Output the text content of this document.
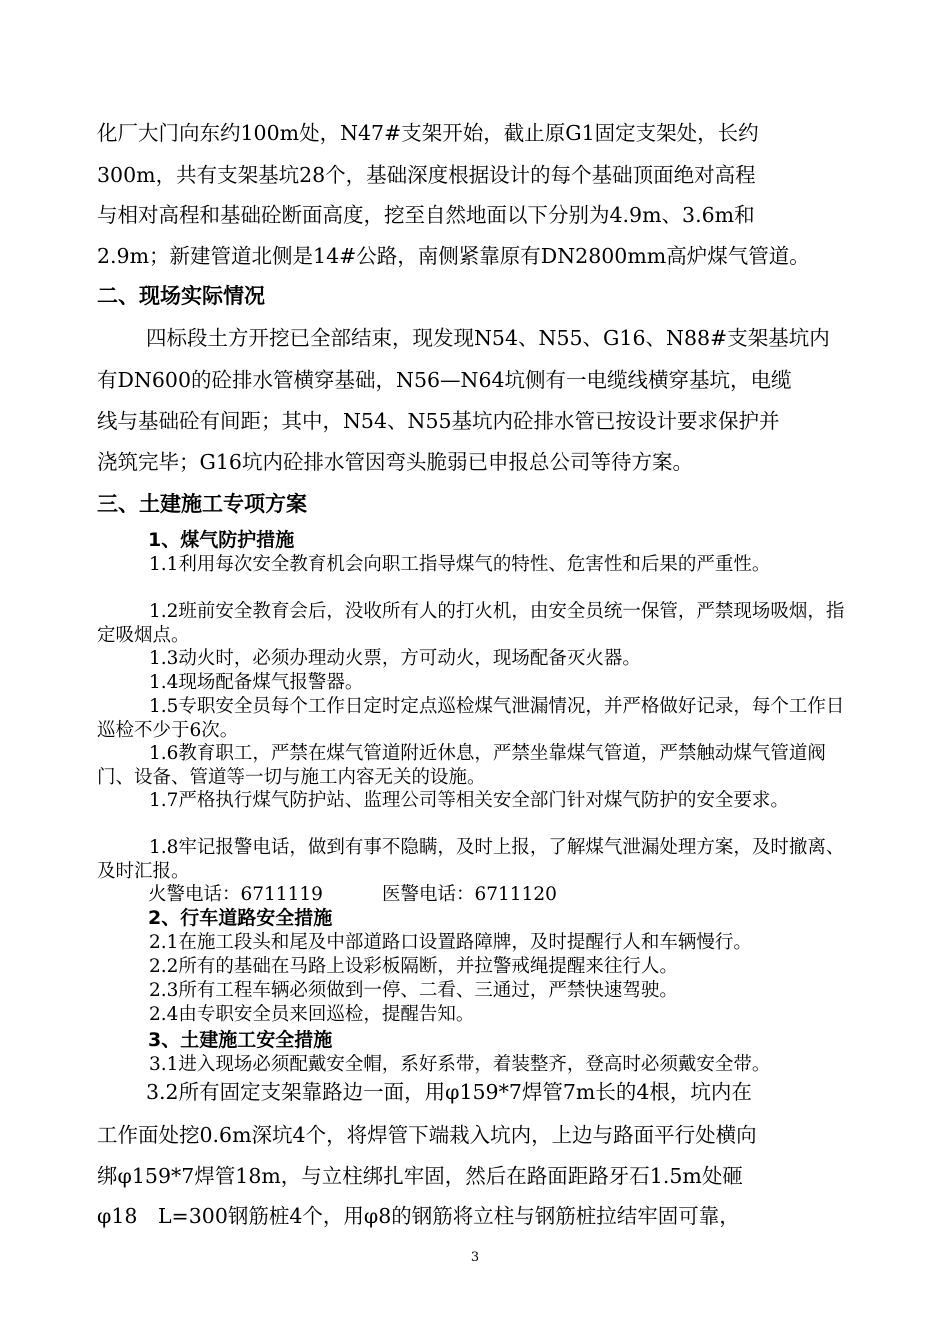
化厂大门向东约100m处，N47#支架开始，截止原G1固定支架处，长约
300m，共有支架基坑28个，基础深度根据设计的每个基础顶面绝对高程
与相对高程和基础砼断面高度，挖至自然地面以下分别为4.9m、3.6m和
2.9m；新建管道北侧是14#公路，南侧紧靠原有DN2800mm高炉煤气管道。
二、现场实际情况
四标段土方开挖已全部结束，现发现N54、N55、G16、N88#支架基坑内
有DN600的砼排水管横穿基础，N56—N64坑侧有一电缆线横穿基坑，电缆
线与基础砼有间距；其中，N54、N55基坑内砼排水管已按设计要求保护并
浇筑完毕；G16坑内砼排水管因弯头脆弱已申报总公司等待方案。
三、土建施工专项方案
1、煤气防护措施

1.1利用每次安全教育机会向职工指导煤气的特性、危害性和后果的严重性。

1.2班前安全教育会后，没收所有人的打火机，由安全员统一保管，严禁现场吸烟，指定吸烟点。

1.3动火时，必须办理动火票，方可动火，现场配备灭火器。

1.4现场配备煤气报警器。

1.5专职安全员每个工作日定时定点巡检煤气泄漏情况，并严格做好记录，每个工作日巡检不少于6次。

1.6教育职工，严禁在煤气管道附近休息，严禁坐靠煤气管道，严禁触动煤气管道阀门、设备、管道等一切与施工内容无关的设施。

1.7严格执行煤气防护站、监理公司等相关安全部门针对煤气防护的安全要求。

1.8牢记报警电话，做到有事不隐瞒，及时上报，了解煤气泄漏处理方案，及时撤离、及时汇报。

火警电话：6711119	医警电话：6711120
2、行车道路安全措施

2.1在施工段头和尾及中部道路口设置路障牌，及时提醒行人和车辆慢行。

2.2所有的基础在马路上设彩板隔断，并拉警戒绳提醒来往行人。

2.3所有工程车辆必须做到一停、二看、三通过，严禁快速驾驶。

2.4由专职安全员来回巡检，提醒告知。

3、土建施工安全措施

3.1进入现场必须配戴安全帽，系好系带，着装整齐，登高时必须戴安全带。

3.2所有固定支架靠路边一面，用φ159*7焊管7m长的4根，坑内在
工作面处挖0.6m深坑4个，将焊管下端栽入坑内，上边与路面平行处横向
绑φ159*7焊管18m，与立柱绑扎牢固，然后在路面距路牙石1.5m处砸
φ18　L=300钢筋桩4个，用φ8的钢筋将立柱与钢筋桩拉结牢固可靠，
3
